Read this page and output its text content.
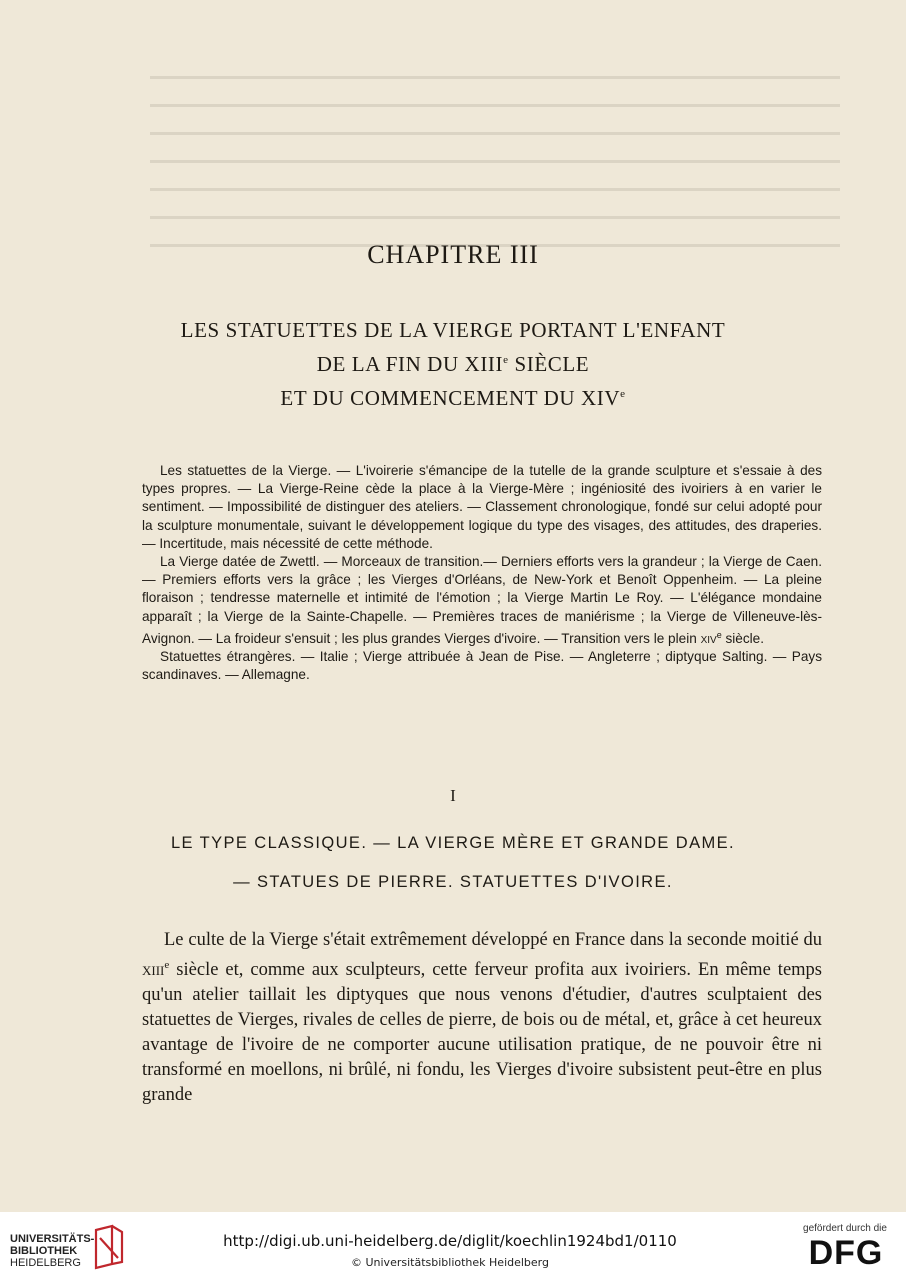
CHAPITRE III
LES STATUETTES DE LA VIERGE PORTANT L'ENFANT
DE LA FIN DU XIIIe SIÈCLE
ET DU COMMENCEMENT DU XIVe

Les statuettes de la Vierge. — L'ivoirerie s'émancipe de la tutelle de la grande sculpture et s'essaie à des types propres. — La Vierge-Reine cède la place à la Vierge-Mère ; ingéniosité des ivoiriers à en varier le sentiment. — Impossibilité de distinguer des ateliers. — Classement chronologique, fondé sur celui adopté pour la sculpture monumentale, suivant le développement logique du type des visages, des attitudes, des draperies. — Incertitude, mais nécessité de cette méthode.

La Vierge datée de Zwettl. — Morceaux de transition.— Derniers efforts vers la grandeur ; la Vierge de Caen. — Premiers efforts vers la grâce ; les Vierges d'Orléans, de New-York et Benoît Oppenheim. — La pleine floraison ; tendresse maternelle et intimité de l'émotion ; la Vierge Martin Le Roy. — L'élégance mondaine apparaît ; la Vierge de la Sainte-Chapelle. — Premières traces de maniérisme ; la Vierge de Villeneuve-lès-Avignon. — La froideur s'ensuit ; les plus grandes Vierges d'ivoire. — Transition vers le plein xiv$^e$ siècle.

Statuettes étrangères. — Italie ; Vierge attribuée à Jean de Pise. — Angleterre ; diptyque Salting. — Pays scandinaves. — Allemagne.

I
LE TYPE CLASSIQUE. — LA VIERGE MÈRE ET GRANDE DAME.
— STATUES DE PIERRE. STATUETTES D'IVOIRE.
Le culte de la Vierge s'était extrêmement développé en France dans la seconde moitié du xiii$^e$ siècle et, comme aux sculpteurs, cette ferveur profita aux ivoiriers. En même temps qu'un atelier taillait les diptyques que nous venons d'étudier, d'autres sculptaient des statuettes de Vierges, rivales de celles de pierre, de bois ou de métal, et, grâce à cet heureux avantage de l'ivoire de ne comporter aucune utilisation pratique, de ne pouvoir être ni transformé en moellons, ni brûlé, ni fondu, les Vierges d'ivoire subsistent peut-être en plus grande
UNIVERSITÄTS-
BIBLIOTHEK
HEIDELBERG
http://digi.ub.uni-heidelberg.de/diglit/koechlin1924bd1/0110
© Universitätsbibliothek Heidelberg
gefördert durch die
DFG
